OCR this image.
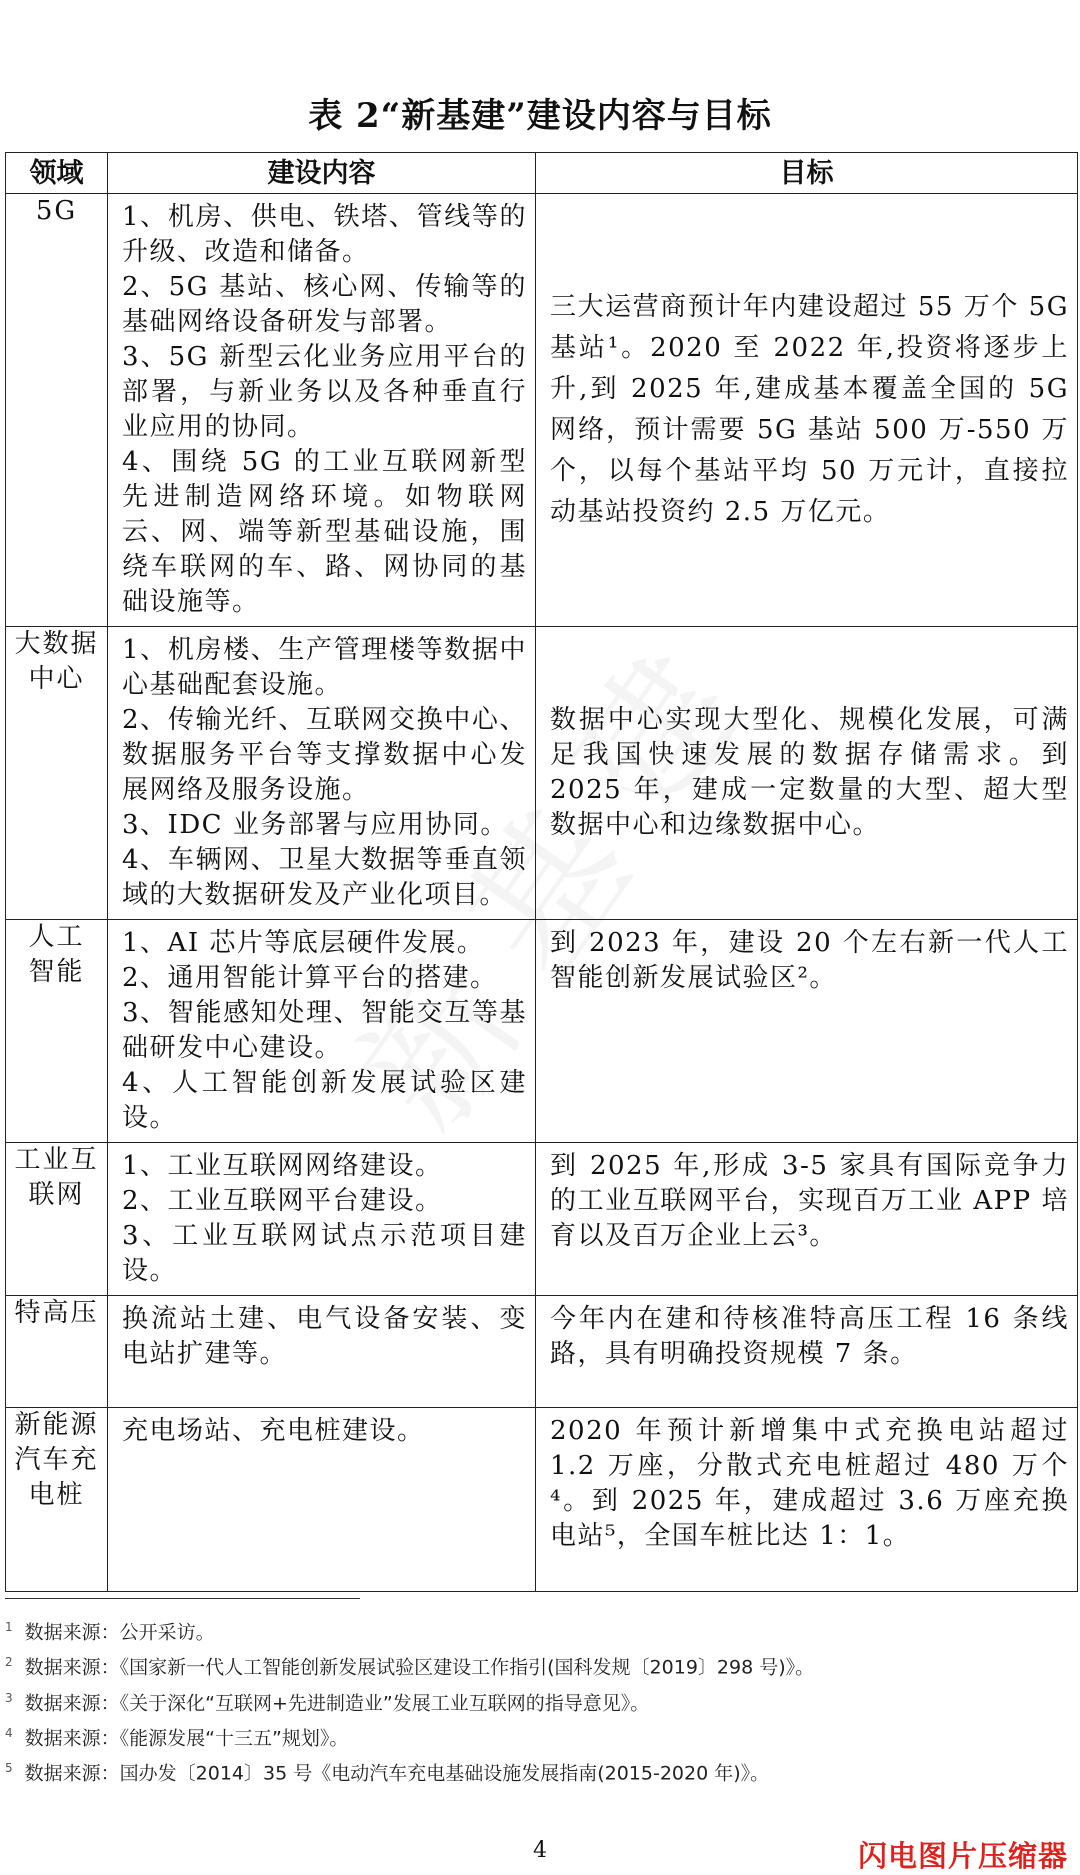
表 2“新基建”建设内容与目标
领域	建设内容	目标

5G	1、机房、供电、铁塔、管线等的升级、改造和储备。
2、5G 基站、核心网、传输等的基础网络设备研发与部署。
3、5G 新型云化业务应用平台的部署，与新业务以及各种垂直行业应用的协同。
4、围绕 5G 的工业互联网新型先进制造网络环境。如物联网云、网、端等新型基础设施，围绕车联网的车、路、网协同的基础设施等。	三大运营商预计年内建设超过 55 万个 5G 基站¹。2020 至 2022 年,投资将逐步上升,到 2025 年,建成基本覆盖全国的 5G 网络，预计需要 5G 基站 500 万-550 万个，以每个基站平均 50 万元计，直接拉动基站投资约 2.5 万亿元。

大数据
中心	1、机房楼、生产管理楼等数据中心基础配套设施。
2、传输光纤、互联网交换中心、数据服务平台等支撑数据中心发展网络及服务设施。
3、IDC 业务部署与应用协同。
4、车辆网、卫星大数据等垂直领域的大数据研发及产业化项目。	数据中心实现大型化、规模化发展，可满足我国快速发展的数据存储需求。到 2025 年，建成一定数量的大型、超大型数据中心和边缘数据中心。

人工
智能	1、AI 芯片等底层硬件发展。
2、通用智能计算平台的搭建。
3、智能感知处理、智能交互等基础研发中心建设。
4、人工智能创新发展试验区建设。	到 2023 年，建设 20 个左右新一代人工智能创新发展试验区²。

工业互
联网	1、工业互联网网络建设。
2、工业互联网平台建设。
3、工业互联网试点示范项目建设。	到 2025 年,形成 3-5 家具有国际竞争力的工业互联网平台，实现百万工业 APP 培育以及百万企业上云³。

特高压	换流站土建、电气设备安装、变电站扩建等。	今年内在建和待核准特高压工程 16 条线路，具有明确投资规模 7 条。

新能源
汽车充
电桩	充电场站、充电桩建设。	2020 年预计新增集中式充换电站超过 1.2 万座，分散式充电桩超过 480 万个⁴。到 2025 年，建成超过 3.6 万座充换电站⁵，全国车桩比达 1：1。
$^1$ 数据来源：公开采访。
$^2$ 数据来源：《国家新一代人工智能创新发展试验区建设工作指引(国科发规〔2019〕298 号)》。
$^3$ 数据来源：《关于深化“互联网+先进制造业”发展工业互联网的指导意见》。
$^4$ 数据来源：《能源发展“十三五”规划》。
$^5$ 数据来源：国办发〔2014〕35 号《电动汽车充电基础设施发展指南(2015-2020 年)》。
4	闪电图片压缩器
